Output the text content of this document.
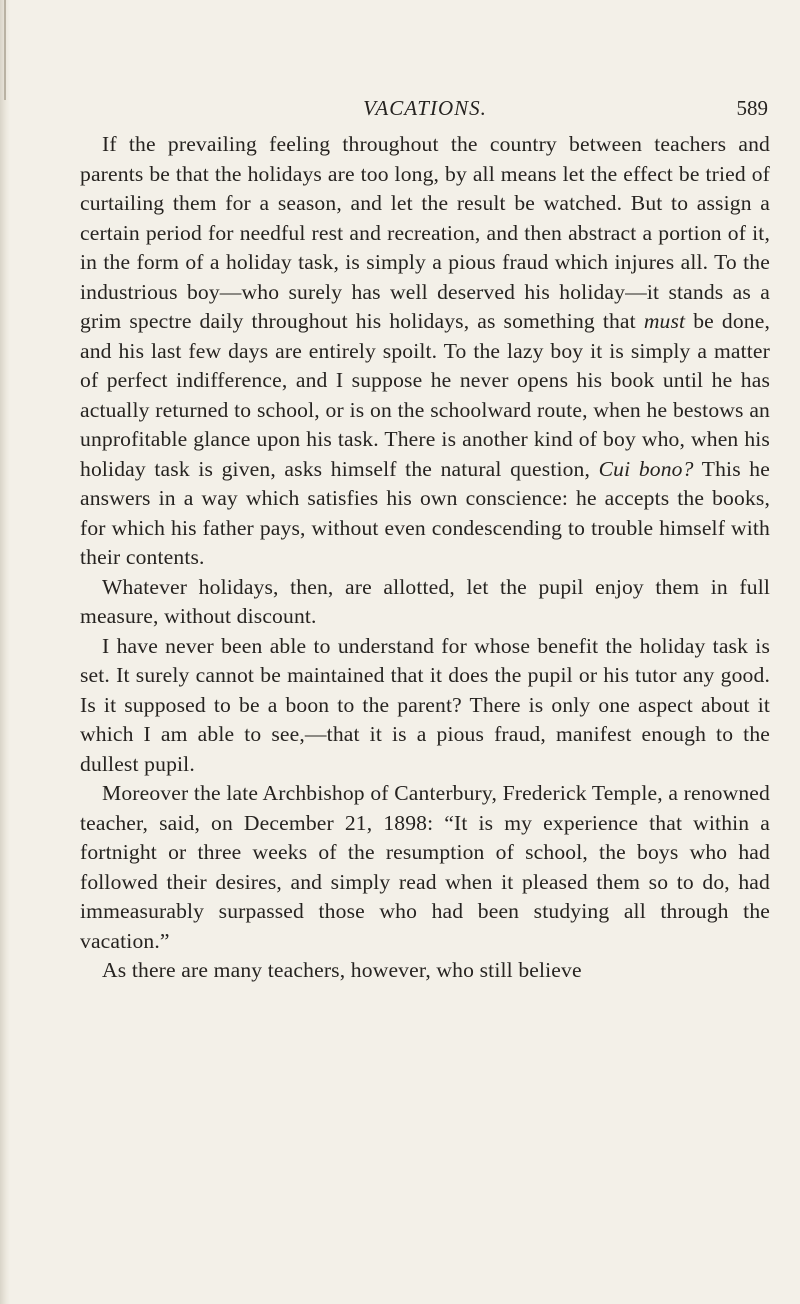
VACATIONS.	589

If the prevailing feeling throughout the country between teachers and parents be that the holidays are too long, by all means let the effect be tried of curtailing them for a season, and let the result be watched. But to assign a certain period for needful rest and recreation, and then abstract a portion of it, in the form of a holiday task, is simply a pious fraud which injures all. To the industrious boy—who surely has well deserved his holiday—it stands as a grim spectre daily throughout his holidays, as something that must be done, and his last few days are entirely spoilt. To the lazy boy it is simply a matter of perfect indifference, and I suppose he never opens his book until he has actually returned to school, or is on the schoolward route, when he bestows an unprofitable glance upon his task. There is another kind of boy who, when his holiday task is given, asks himself the natural question, Cui bono? This he answers in a way which satisfies his own conscience: he accepts the books, for which his father pays, without even condescending to trouble himself with their contents.

Whatever holidays, then, are allotted, let the pupil enjoy them in full measure, without discount.

I have never been able to understand for whose benefit the holiday task is set. It surely cannot be maintained that it does the pupil or his tutor any good. Is it supposed to be a boon to the parent? There is only one aspect about it which I am able to see,—that it is a pious fraud, manifest enough to the dullest pupil.

Moreover the late Archbishop of Canterbury, Frederick Temple, a renowned teacher, said, on December 21, 1898: “It is my experience that within a fortnight or three weeks of the resumption of school, the boys who had followed their desires, and simply read when it pleased them so to do, had immeasurably surpassed those who had been studying all through the vacation.”

As there are many teachers, however, who still believe
